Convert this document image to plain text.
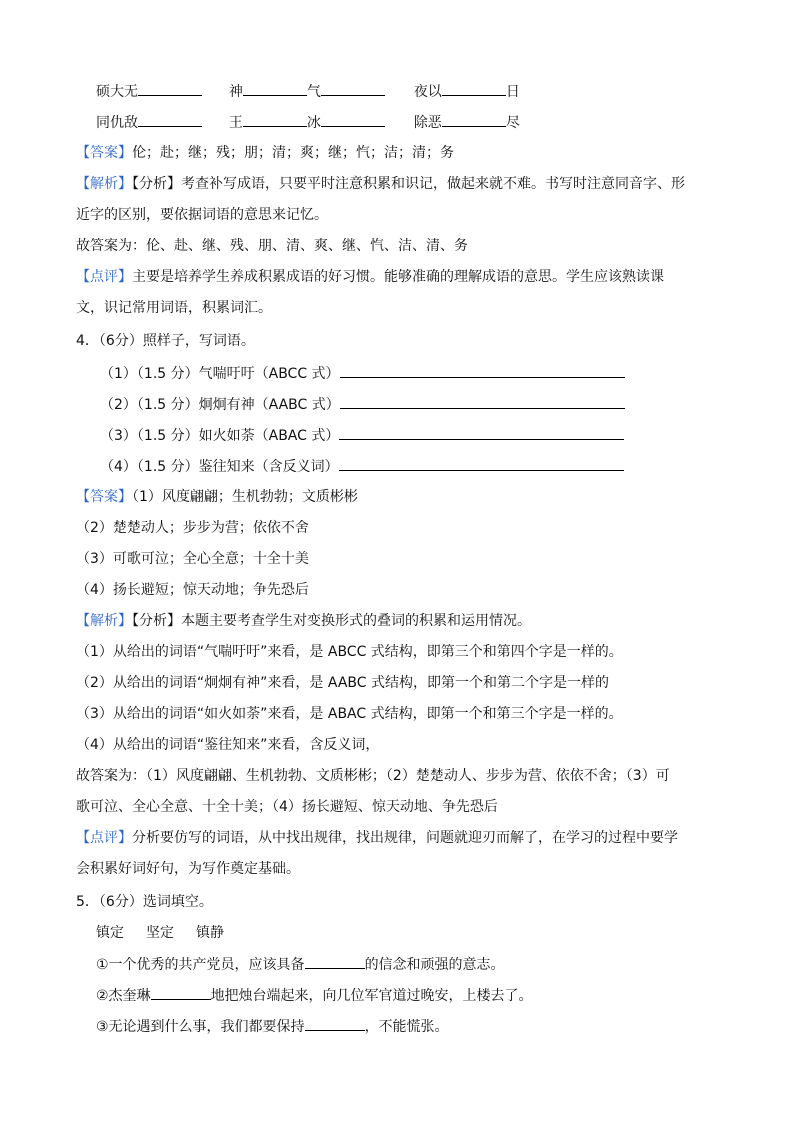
硕大无	神	气	夜以	日
同仇敌	王	冰	除恶	尽
【答案】伦；赴；继；残；朋；清；爽；继；忾；洁；清；务
【解析】【分析】考查补写成语，只要平时注意积累和识记，做起来就不难。书写时注意同音字、形
近字的区别，要依据词语的意思来记忆。
故答案为：伦、赴、继、残、朋、清、爽、继、忾、洁、清、务
【点评】主要是培养学生养成积累成语的好习惯。能够准确的理解成语的意思。学生应该熟读课
文，识记常用词语，积累词汇。
4．（6分）照样子，写词语。
（1）（1.5 分）气喘吁吁（ABCC 式）
（2）（1.5 分）炯炯有神（AABC 式）
（3）（1.5 分）如火如荼（ABAC 式）
（4）（1.5 分）鉴往知来（含反义词）
【答案】（1）风度翩翩；生机勃勃；文质彬彬
（2）楚楚动人；步步为营；依依不舍
（3）可歌可泣；全心全意；十全十美
（4）扬长避短；惊天动地；争先恐后
【解析】【分析】本题主要考查学生对变换形式的叠词的积累和运用情况。
（1）从给出的词语“气喘吁吁”来看，是 ABCC 式结构，即第三个和第四个字是一样的。
（2）从给出的词语“炯炯有神”来看，是 AABC 式结构，即第一个和第二个字是一样的
（3）从给出的词语“如火如荼”来看，是 ABAC 式结构，即第一个和第三个字是一样的。
（4）从给出的词语“鉴往知来”来看，含反义词，
故答案为：（1）风度翩翩、生机勃勃、文质彬彬；（2）楚楚动人、步步为营、依依不舍；（3）可
歌可泣、全心全意、十全十美；（4）扬长避短、惊天动地、争先恐后
【点评】分析要仿写的词语，从中找出规律，找出规律，问题就迎刃而解了，在学习的过程中要学
会积累好词好句，为写作奠定基础。
5．（6分）选词填空。
镇定 坚定 镇静
①一个优秀的共产党员，应该具备	的信念和顽强的意志。
②杰奎琳	地把烛台端起来，向几位军官道过晚安，上楼去了。
③无论遇到什么事，我们都要保持	，不能慌张。
